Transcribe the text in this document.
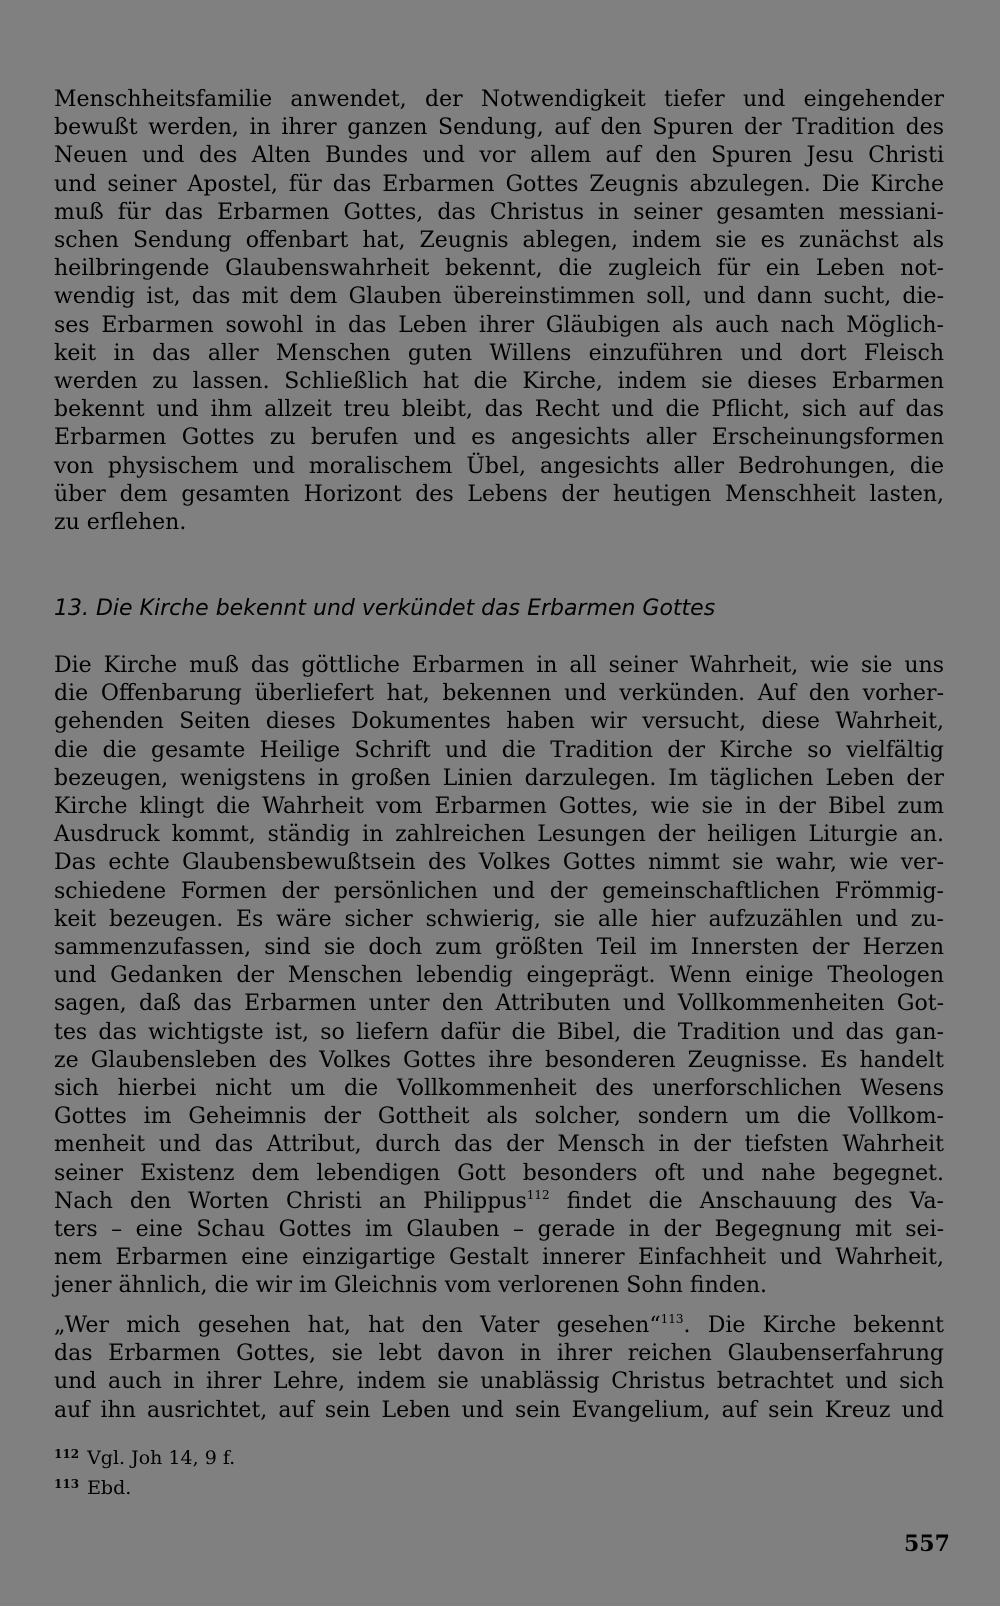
Menschheitsfamilie anwendet, der Notwendigkeit tiefer und eingehender
bewußt werden, in ihrer ganzen Sendung, auf den Spuren der Tradition des
Neuen und des Alten Bundes und vor allem auf den Spuren Jesu Christi
und seiner Apostel, für das Erbarmen Gottes Zeugnis abzulegen. Die Kirche
muß für das Erbarmen Gottes, das Christus in seiner gesamten messiani-
schen Sendung offenbart hat, Zeugnis ablegen, indem sie es zunächst als
heilbringende Glaubenswahrheit bekennt, die zugleich für ein Leben not-
wendig ist, das mit dem Glauben übereinstimmen soll, und dann sucht, die-
ses Erbarmen sowohl in das Leben ihrer Gläubigen als auch nach Möglich-
keit in das aller Menschen guten Willens einzuführen und dort Fleisch
werden zu lassen. Schließlich hat die Kirche, indem sie dieses Erbarmen
bekennt und ihm allzeit treu bleibt, das Recht und die Pflicht, sich auf das
Erbarmen Gottes zu berufen und es angesichts aller Erscheinungsformen
von physischem und moralischem Übel, angesichts aller Bedrohungen, die
über dem gesamten Horizont des Lebens der heutigen Menschheit lasten,
zu erflehen.
13. Die Kirche bekennt und verkündet das Erbarmen Gottes
Die Kirche muß das göttliche Erbarmen in all seiner Wahrheit, wie sie uns
die Offenbarung überliefert hat, bekennen und verkünden. Auf den vorher-
gehenden Seiten dieses Dokumentes haben wir versucht, diese Wahrheit,
die die gesamte Heilige Schrift und die Tradition der Kirche so vielfältig
bezeugen, wenigstens in großen Linien darzulegen. Im täglichen Leben der
Kirche klingt die Wahrheit vom Erbarmen Gottes, wie sie in der Bibel zum
Ausdruck kommt, ständig in zahlreichen Lesungen der heiligen Liturgie an.
Das echte Glaubensbewußtsein des Volkes Gottes nimmt sie wahr, wie ver-
schiedene Formen der persönlichen und der gemeinschaftlichen Frömmig-
keit bezeugen. Es wäre sicher schwierig, sie alle hier aufzuzählen und zu-
sammenzufassen, sind sie doch zum größten Teil im Innersten der Herzen
und Gedanken der Menschen lebendig eingeprägt. Wenn einige Theologen
sagen, daß das Erbarmen unter den Attributen und Vollkommenheiten Got-
tes das wichtigste ist, so liefern dafür die Bibel, die Tradition und das gan-
ze Glaubensleben des Volkes Gottes ihre besonderen Zeugnisse. Es handelt
sich hierbei nicht um die Vollkommenheit des unerforschlichen Wesens
Gottes im Geheimnis der Gottheit als solcher, sondern um die Vollkom-
menheit und das Attribut, durch das der Mensch in der tiefsten Wahrheit
seiner Existenz dem lebendigen Gott besonders oft und nahe begegnet.
Nach den Worten Christi an Philippus$^{112}$ findet die Anschauung des Va-
ters – eine Schau Gottes im Glauben – gerade in der Begegnung mit sei-
nem Erbarmen eine einzigartige Gestalt innerer Einfachheit und Wahrheit,
jener ähnlich, die wir im Gleichnis vom verlorenen Sohn finden.
„Wer mich gesehen hat, hat den Vater gesehen“$^{113}$. Die Kirche bekennt
das Erbarmen Gottes, sie lebt davon in ihrer reichen Glaubenserfahrung
und auch in ihrer Lehre, indem sie unablässig Christus betrachtet und sich
auf ihn ausrichtet, auf sein Leben und sein Evangelium, auf sein Kreuz und
$^{112}$ Vgl. Joh 14, 9 f.
$^{113}$ Ebd.
557
